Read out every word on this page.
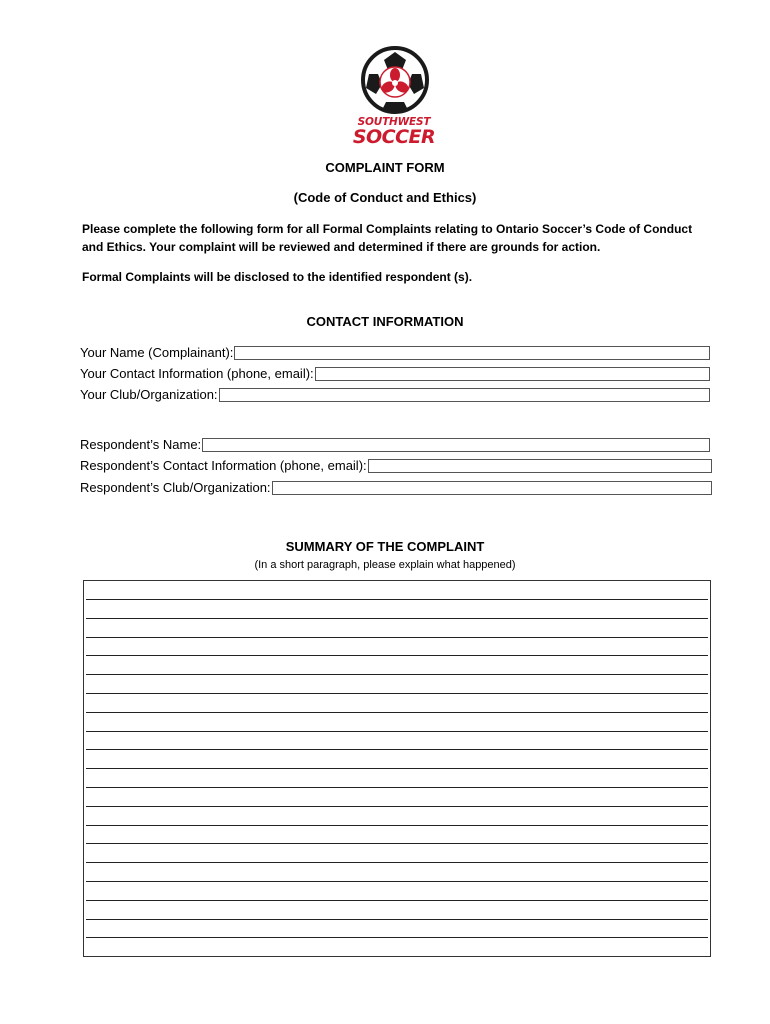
SOUTHWEST
SOCCER
COMPLAINT FORM
(Code of Conduct and Ethics)
Please complete the following form for all Formal Complaints relating to Ontario Soccer’s Code of Conduct and Ethics. Your complaint will be reviewed and determined if there are grounds for action.
Formal Complaints will be disclosed to the identified respondent (s).
CONTACT INFORMATION
Your Name (Complainant):
Your Contact Information (phone, email):
Your Club/Organization:
Respondent’s Name:
Respondent’s Contact Information (phone, email):
Respondent’s Club/Organization:
SUMMARY OF THE COMPLAINT
(In a short paragraph, please explain what happened)
